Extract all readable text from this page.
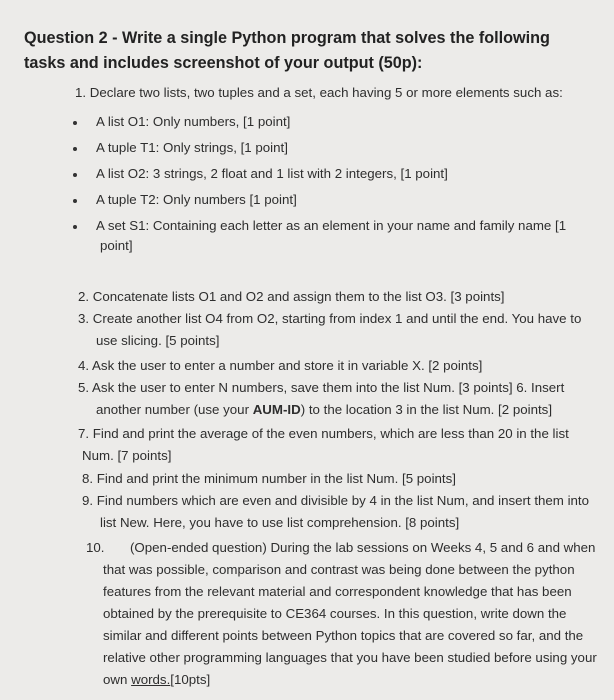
Question 2 - Write a single Python program that solves the following
tasks and includes screenshot of your output (50p):
1. Declare two lists, two tuples and a set, each having 5 or more elements such as:
A list O1: Only numbers, [1 point]
A tuple T1: Only strings, [1 point]
A list O2: 3 strings, 2 float and 1 list with 2 integers, [1 point]
A tuple T2: Only numbers [1 point]
A set S1: Containing each letter as an element in your name and family name [1
point]
2. Concatenate lists O1 and O2 and assign them to the list O3. [3 points]
3. Create another list O4 from O2, starting from index 1 and until the end. You have to
use slicing. [5 points]
4. Ask the user to enter a number and store it in variable X. [2 points]
5. Ask the user to enter N numbers, save them into the list Num. [3 points] 6. Insert
another number (use your AUM-ID) to the location 3 in the list Num. [2 points]
7. Find and print the average of the even numbers, which are less than 20 in the list
Num. [7 points]
8. Find and print the minimum number in the list Num. [5 points]
9. Find numbers which are even and divisible by 4 in the list Num, and insert them into
list New. Here, you have to use list comprehension. [8 points]
10. (Open-ended question) During the lab sessions on Weeks 4, 5 and 6 and when
that was possible, comparison and contrast was being done between the python
features from the relevant material and correspondent knowledge that has been
obtained by the prerequisite to CE364 courses. In this question, write down the
similar and different points between Python topics that are covered so far, and the
relative other programming languages that you have been studied before using your
own words.[10pts]
